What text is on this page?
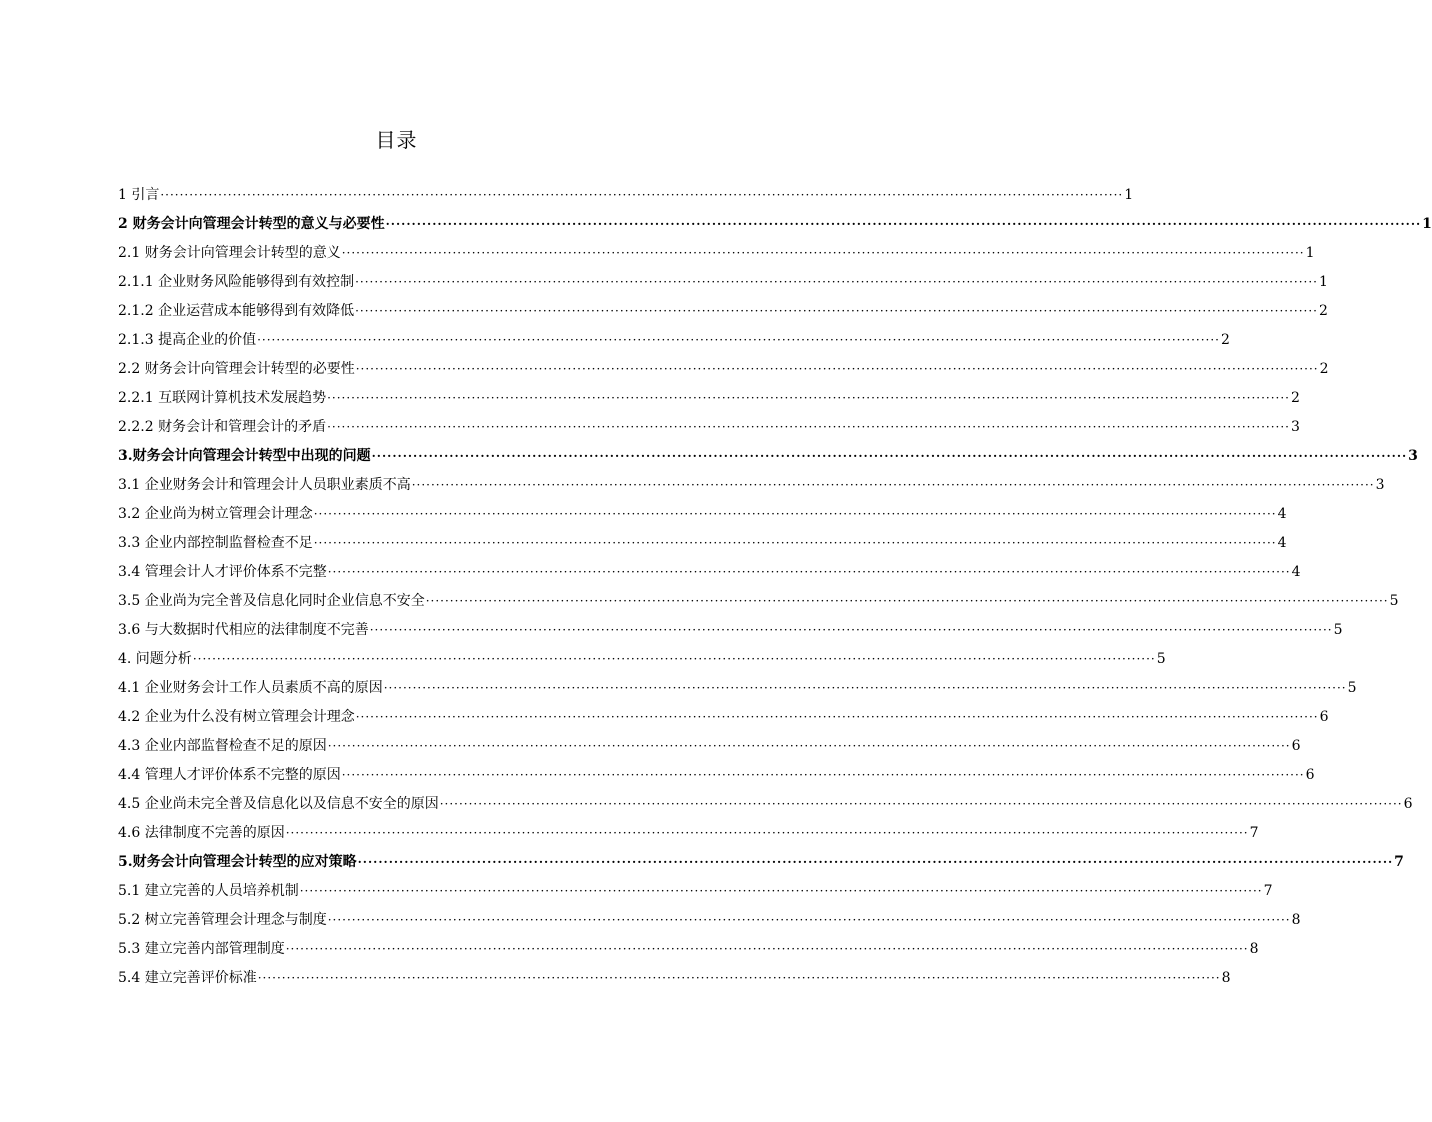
目录
1 引言 ········································································································································································································ 1
2 财务会计向管理会计转型的意义与必要性 ········································································································································································································ 1
2.1 财务会计向管理会计转型的意义 ········································································································································································································ 1
2.1.1 企业财务风险能够得到有效控制 ········································································································································································································ 1
2.1.2 企业运营成本能够得到有效降低 ········································································································································································································ 2
2.1.3 提高企业的价值 ········································································································································································································ 2
2.2 财务会计向管理会计转型的必要性 ········································································································································································································ 2
2.2.1 互联网计算机技术发展趋势 ········································································································································································································ 2
2.2.2 财务会计和管理会计的矛盾 ········································································································································································································ 3
3.财务会计向管理会计转型中出现的问题 ········································································································································································································ 3
3.1 企业财务会计和管理会计人员职业素质不高 ········································································································································································································ 3
3.2 企业尚为树立管理会计理念 ········································································································································································································ 4
3.3 企业内部控制监督检查不足 ········································································································································································································ 4
3.4 管理会计人才评价体系不完整 ········································································································································································································ 4
3.5 企业尚为完全普及信息化同时企业信息不安全 ········································································································································································································ 5
3.6 与大数据时代相应的法律制度不完善 ········································································································································································································ 5
4. 问题分析 ········································································································································································································ 5
4.1 企业财务会计工作人员素质不高的原因 ········································································································································································································ 5
4.2 企业为什么没有树立管理会计理念 ········································································································································································································ 6
4.3 企业内部监督检查不足的原因 ········································································································································································································ 6
4.4 管理人才评价体系不完整的原因 ········································································································································································································ 6
4.5 企业尚未完全普及信息化以及信息不安全的原因 ········································································································································································································ 6
4.6 法律制度不完善的原因 ········································································································································································································ 7
5.财务会计向管理会计转型的应对策略 ········································································································································································································ 7
5.1 建立完善的人员培养机制 ········································································································································································································ 7
5.2 树立完善管理会计理念与制度 ········································································································································································································ 8
5.3 建立完善内部管理制度 ········································································································································································································ 8
5.4 建立完善评价标准 ········································································································································································································ 8
